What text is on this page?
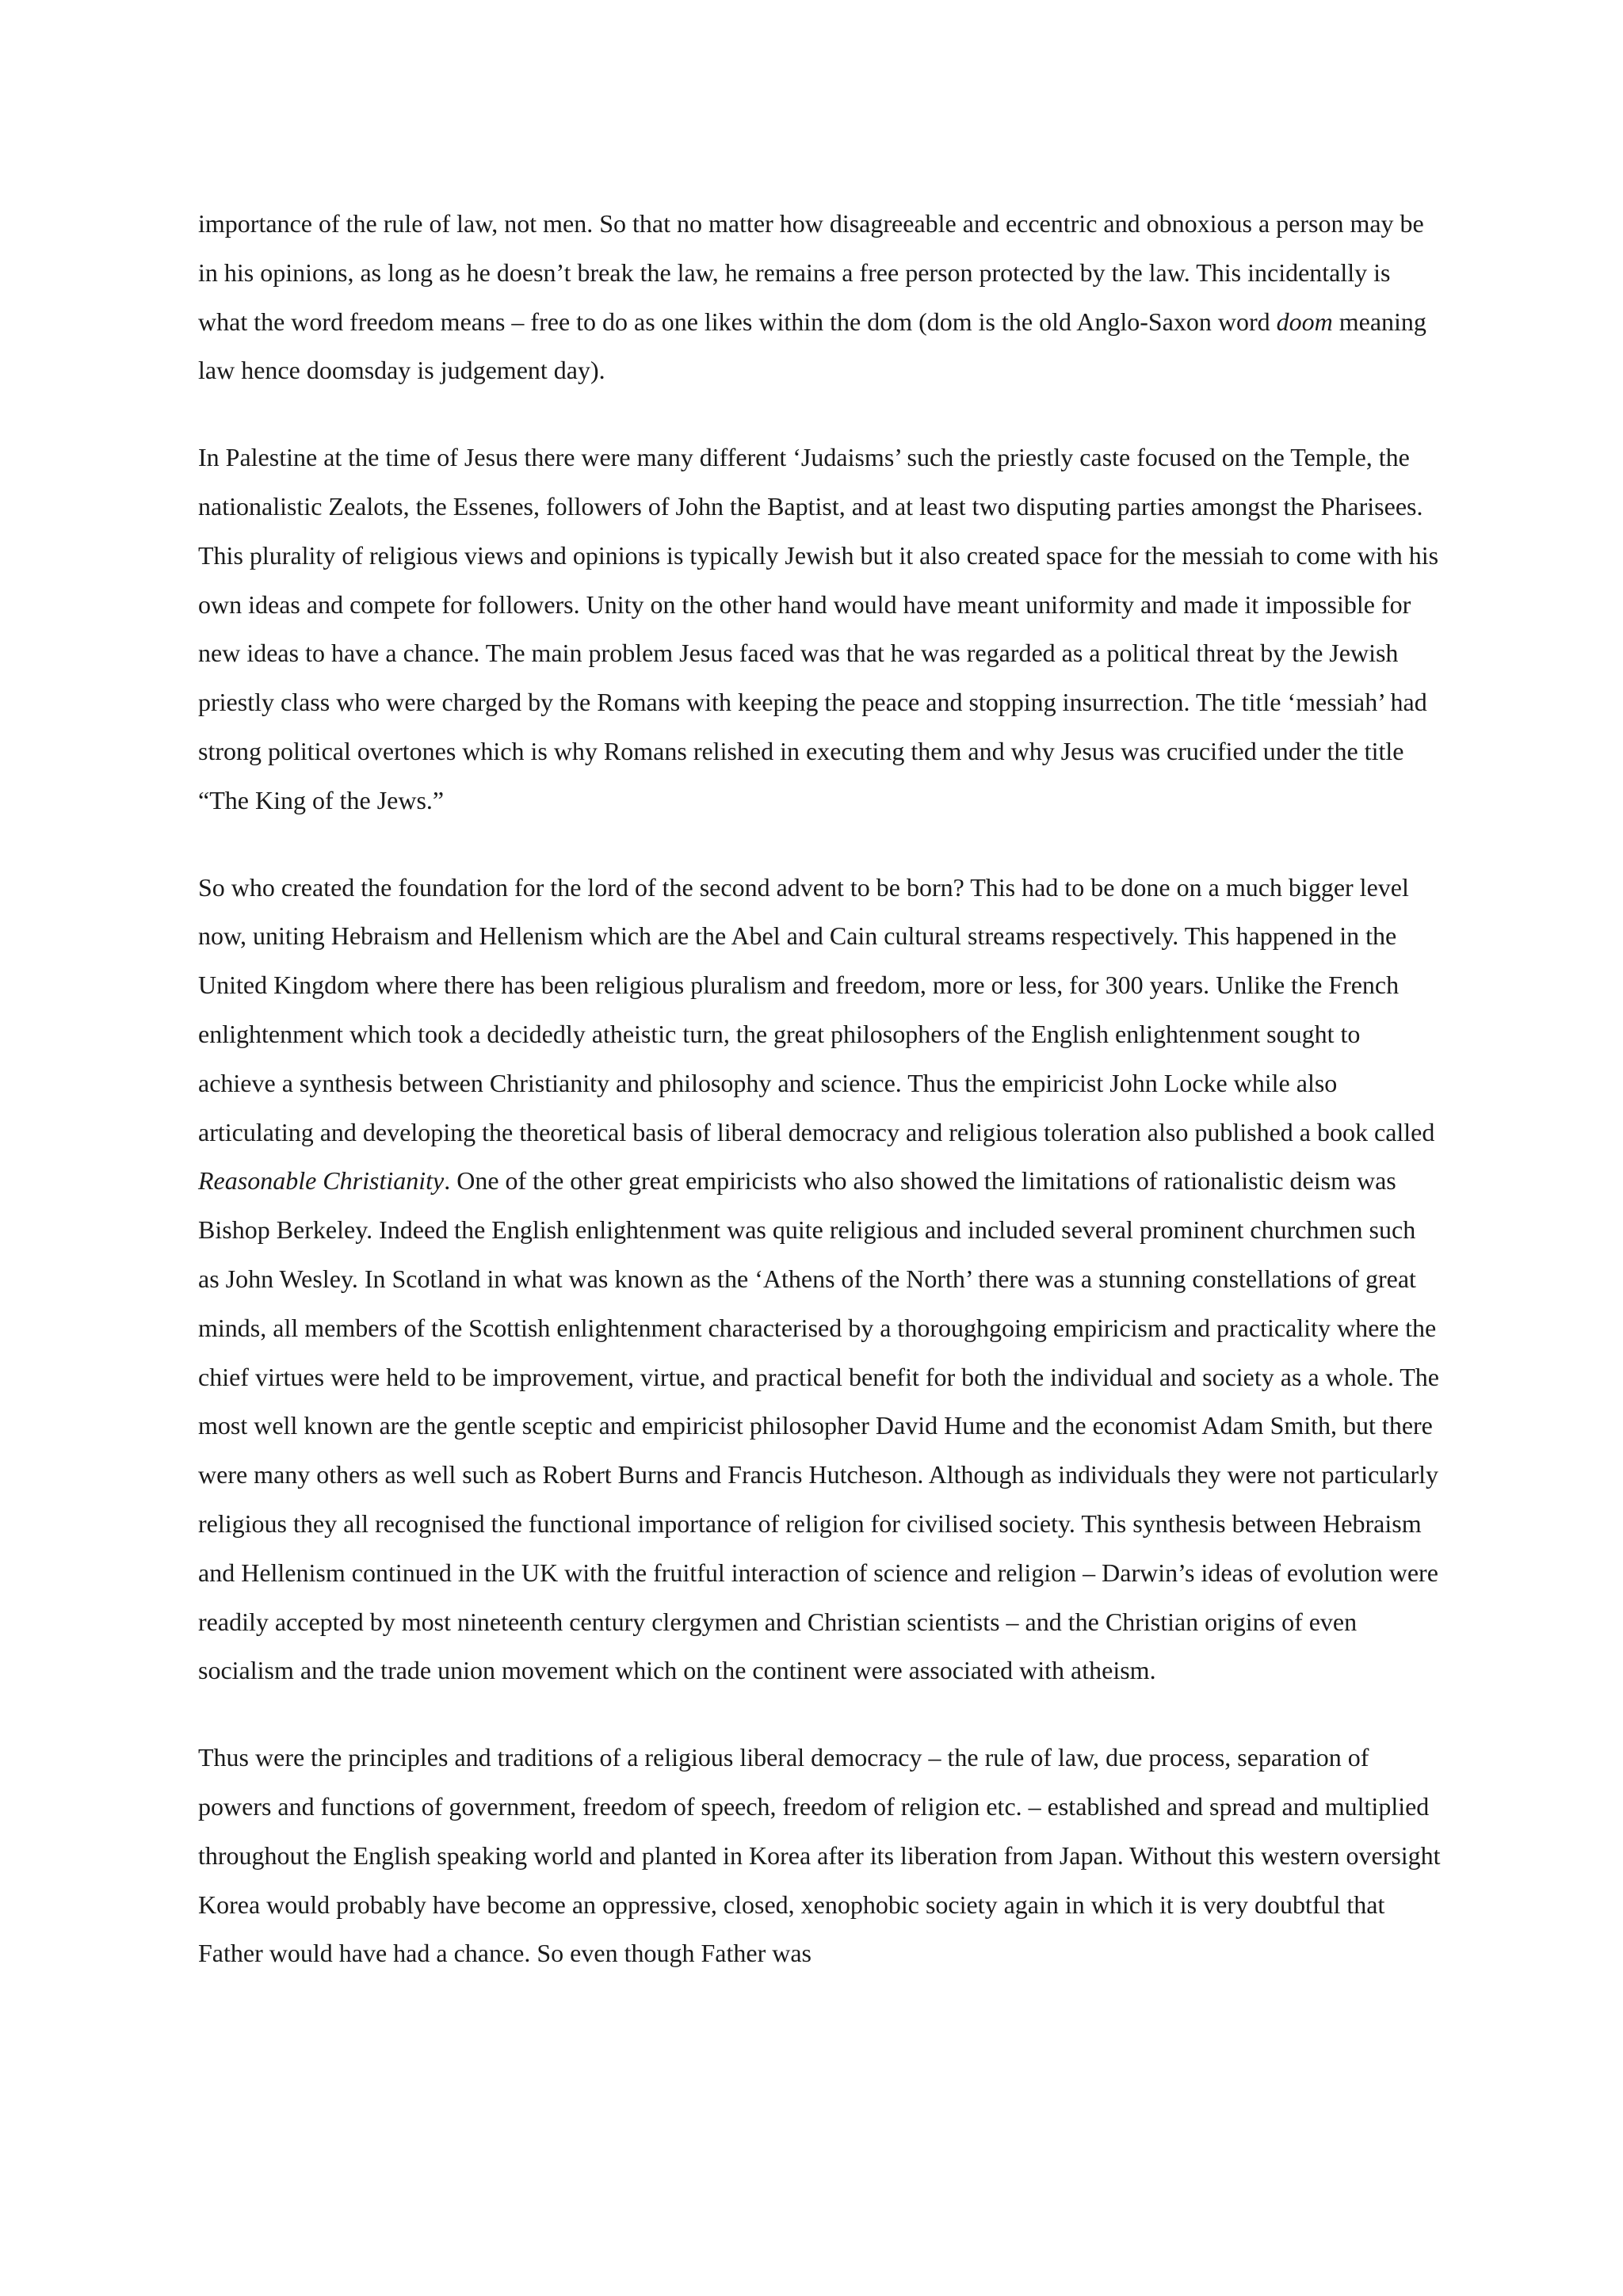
importance of the rule of law, not men. So that no matter how disagreeable and eccentric and obnoxious a person may be in his opinions, as long as he doesn’t break the law, he remains a free person protected by the law. This incidentally is what the word freedom means – free to do as one likes within the dom (dom is the old Anglo-Saxon word doom meaning law hence doomsday is judgement day).

In Palestine at the time of Jesus there were many different ‘Judaisms’ such the priestly caste focused on the Temple, the nationalistic Zealots, the Essenes, followers of John the Baptist, and at least two disputing parties amongst the Pharisees. This plurality of religious views and opinions is typically Jewish but it also created space for the messiah to come with his own ideas and compete for followers. Unity on the other hand would have meant uniformity and made it impossible for new ideas to have a chance. The main problem Jesus faced was that he was regarded as a political threat by the Jewish priestly class who were charged by the Romans with keeping the peace and stopping insurrection. The title ‘messiah’ had strong political overtones which is why Romans relished in executing them and why Jesus was crucified under the title “The King of the Jews.”

So who created the foundation for the lord of the second advent to be born? This had to be done on a much bigger level now, uniting Hebraism and Hellenism which are the Abel and Cain cultural streams respectively. This happened in the United Kingdom where there has been religious pluralism and freedom, more or less, for 300 years. Unlike the French enlightenment which took a decidedly atheistic turn, the great philosophers of the English enlightenment sought to achieve a synthesis between Christianity and philosophy and science. Thus the empiricist John Locke while also articulating and developing the theoretical basis of liberal democracy and religious toleration also published a book called Reasonable Christianity. One of the other great empiricists who also showed the limitations of rationalistic deism was Bishop Berkeley. Indeed the English enlightenment was quite religious and included several prominent churchmen such as John Wesley. In Scotland in what was known as the ‘Athens of the North’ there was a stunning constellations of great minds, all members of the Scottish enlightenment characterised by a thoroughgoing empiricism and practicality where the chief virtues were held to be improvement, virtue, and practical benefit for both the individual and society as a whole. The most well known are the gentle sceptic and empiricist philosopher David Hume and the economist Adam Smith, but there were many others as well such as Robert Burns and Francis Hutcheson. Although as individuals they were not particularly religious they all recognised the functional importance of religion for civilised society. This synthesis between Hebraism and Hellenism continued in the UK with the fruitful interaction of science and religion – Darwin’s ideas of evolution were readily accepted by most nineteenth century clergymen and Christian scientists – and the Christian origins of even socialism and the trade union movement which on the continent were associated with atheism.

Thus were the principles and traditions of a religious liberal democracy – the rule of law, due process, separation of powers and functions of government, freedom of speech, freedom of religion etc. – established and spread and multiplied throughout the English speaking world and planted in Korea after its liberation from Japan. Without this western oversight Korea would probably have become an oppressive, closed, xenophobic society again in which it is very doubtful that Father would have had a chance. So even though Father was
